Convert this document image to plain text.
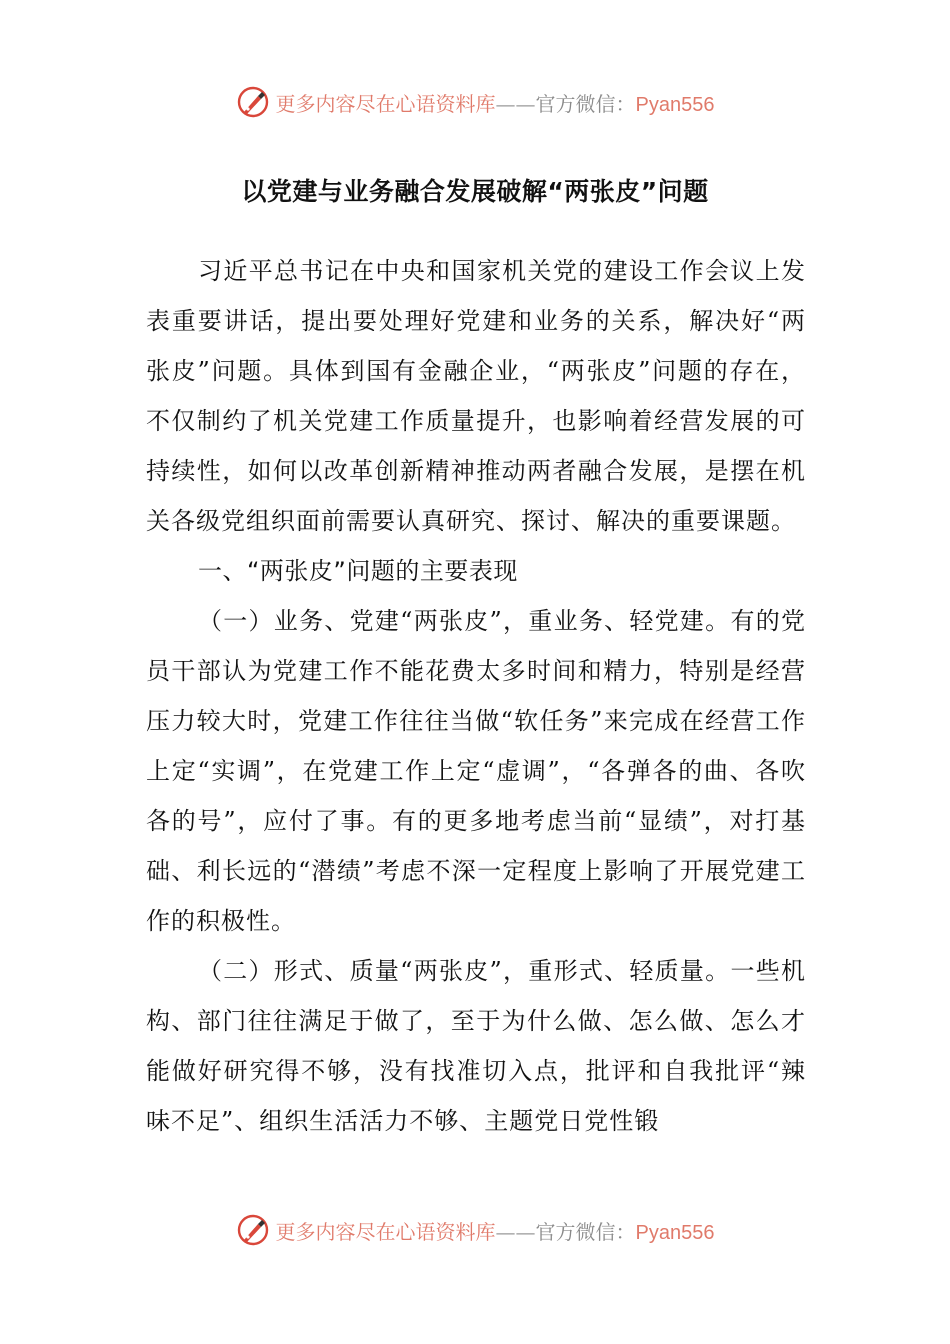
更多内容尽在心语资料库 —— 官方微信： Pyan556
以党建与业务融合发展破解“两张皮”问题

习近平总书记在中央和国家机关党的建设工作会议上发表重要讲话，提出要处理好党建和业务的关系，解决好“两张皮”问题。具体到国有金融企业，“两张皮”问题的存在，不仅制约了机关党建工作质量提升，也影响着经营发展的可持续性，如何以改革创新精神推动两者融合发展，是摆在机关各级党组织面前需要认真研究、探讨、解决的重要课题。

一、“两张皮”问题的主要表现

（一）业务、党建“两张皮”，重业务、轻党建。有的党员干部认为党建工作不能花费太多时间和精力，特别是经营压力较大时，党建工作往往当做“软任务”来完成在经营工作上定“实调”，在党建工作上定“虚调”，“各弹各的曲、各吹各的号”，应付了事。有的更多地考虑当前“显绩”，对打基础、利长远的“潜绩”考虑不深一定程度上影响了开展党建工作的积极性。

（二）形式、质量“两张皮”，重形式、轻质量。一些机构、部门往往满足于做了，至于为什么做、怎么做、怎么才能做好研究得不够，没有找准切入点，批评和自我批评“辣味不足”、组织生活活力不够、主题党日党性锻

更多内容尽在心语资料库 —— 官方微信： Pyan556
